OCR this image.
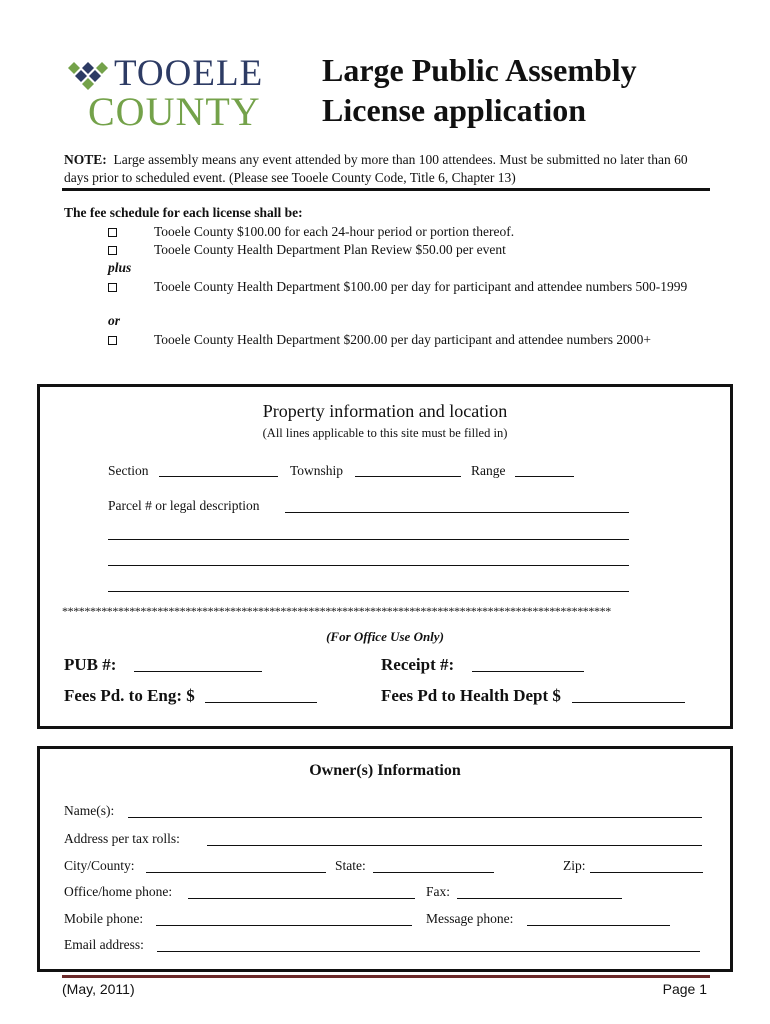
TOOELE
COUNTY
Large Public Assembly
License application
NOTE: Large assembly means any event attended by more than 100 attendees. Must be submitted no later than 60 days prior to scheduled event. (Please see Tooele County Code, Title 6, Chapter 13)
The fee schedule for each license shall be:
Tooele County $100.00 for each 24-hour period or portion thereof.
Tooele County Health Department Plan Review $50.00 per event
plus
Tooele County Health Department $100.00 per day for participant and attendee numbers 500-1999
or
Tooele County Health Department $200.00 per day participant and attendee numbers 2000+
Property information and location
(All lines applicable to this site must be filled in)
Section	Township	Range
Parcel # or legal description
**************************************************************************************************
(For Office Use Only)
PUB #:	Receipt #:
Fees Pd. to Eng: $	Fees Pd to Health Dept $
Owner(s) Information
Name(s):
Address per tax rolls:
City/County:	State:	Zip:
Office/home phone:	Fax:
Mobile phone:	Message phone:
Email address:
(May, 2011)	Page 1
